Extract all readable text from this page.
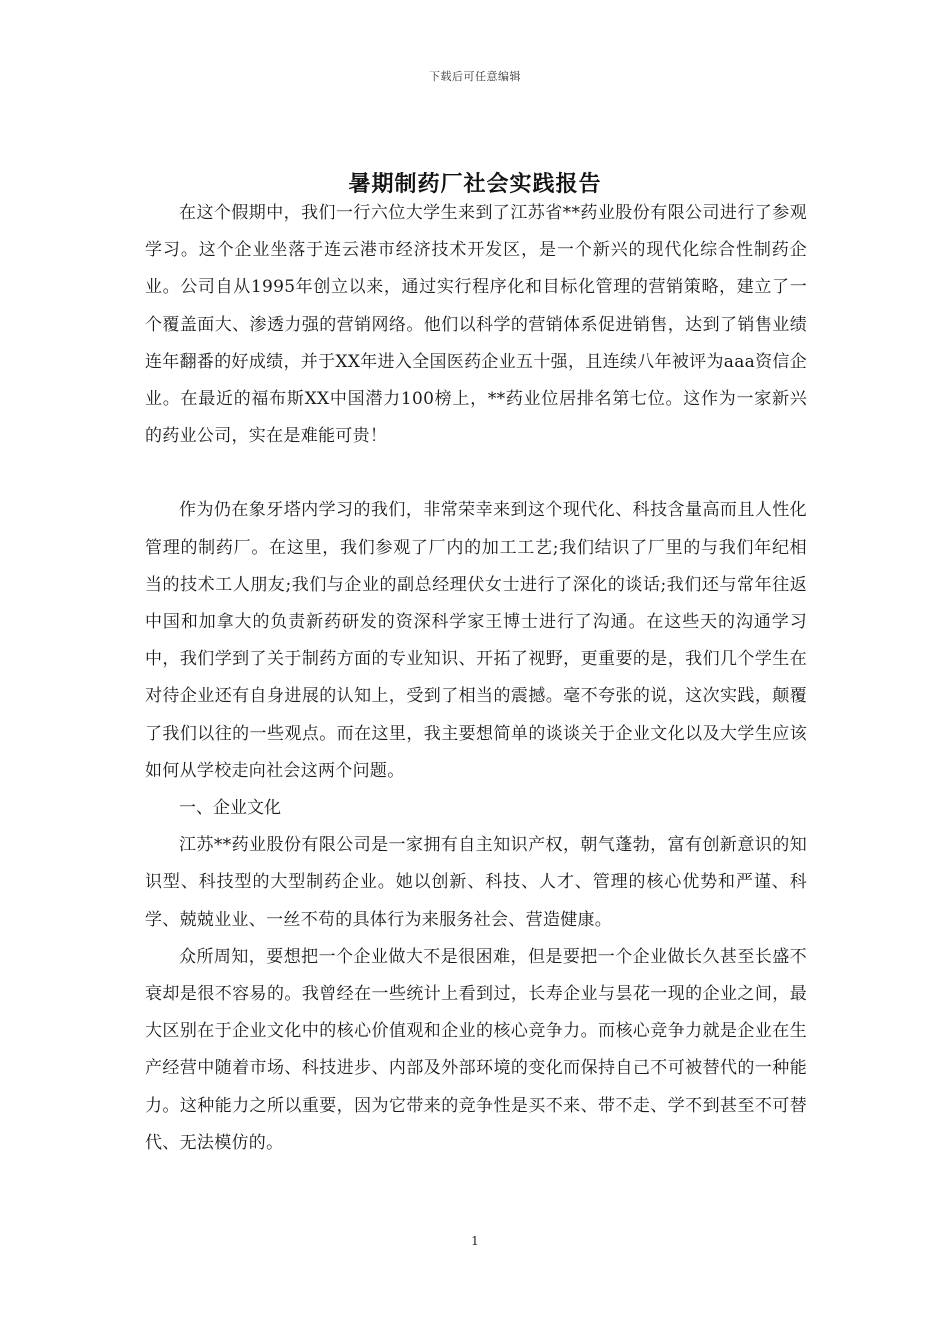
下载后可任意编辑
暑期制药厂社会实践报告

在这个假期中，我们一行六位大学生来到了江苏省**药业股份有限公司进行了参观学习。这个企业坐落于连云港市经济技术开发区，是一个新兴的现代化综合性制药企业。公司自从1995年创立以来，通过实行程序化和目标化管理的营销策略，建立了一个覆盖面大、渗透力强的营销网络。他们以科学的营销体系促进销售，达到了销售业绩连年翻番的好成绩，并于XX年进入全国医药企业五十强，且连续八年被评为aaa资信企业。在最近的福布斯XX中国潜力100榜上，**药业位居排名第七位。这作为一家新兴的药业公司，实在是难能可贵！

作为仍在象牙塔内学习的我们，非常荣幸来到这个现代化、科技含量高而且人性化管理的制药厂。在这里，我们参观了厂内的加工工艺;我们结识了厂里的与我们年纪相当的技术工人朋友;我们与企业的副总经理伏女士进行了深化的谈话;我们还与常年往返中国和加拿大的负责新药研发的资深科学家王博士进行了沟通。在这些天的沟通学习中，我们学到了关于制药方面的专业知识、开拓了视野，更重要的是，我们几个学生在对待企业还有自身进展的认知上，受到了相当的震撼。毫不夸张的说，这次实践，颠覆了我们以往的一些观点。而在这里，我主要想简单的谈谈关于企业文化以及大学生应该如何从学校走向社会这两个问题。

一、企业文化

江苏**药业股份有限公司是一家拥有自主知识产权，朝气蓬勃，富有创新意识的知识型、科技型的大型制药企业。她以创新、科技、人才、管理的核心优势和严谨、科学、兢兢业业、一丝不苟的具体行为来服务社会、营造健康。

众所周知，要想把一个企业做大不是很困难，但是要把一个企业做长久甚至长盛不衰却是很不容易的。我曾经在一些统计上看到过，长寿企业与昙花一现的企业之间，最大区别在于企业文化中的核心价值观和企业的核心竞争力。而核心竞争力就是企业在生产经营中随着市场、科技进步、内部及外部环境的变化而保持自己不可被替代的一种能力。这种能力之所以重要，因为它带来的竞争性是买不来、带不走、学不到甚至不可替代、无法模仿的。

1
